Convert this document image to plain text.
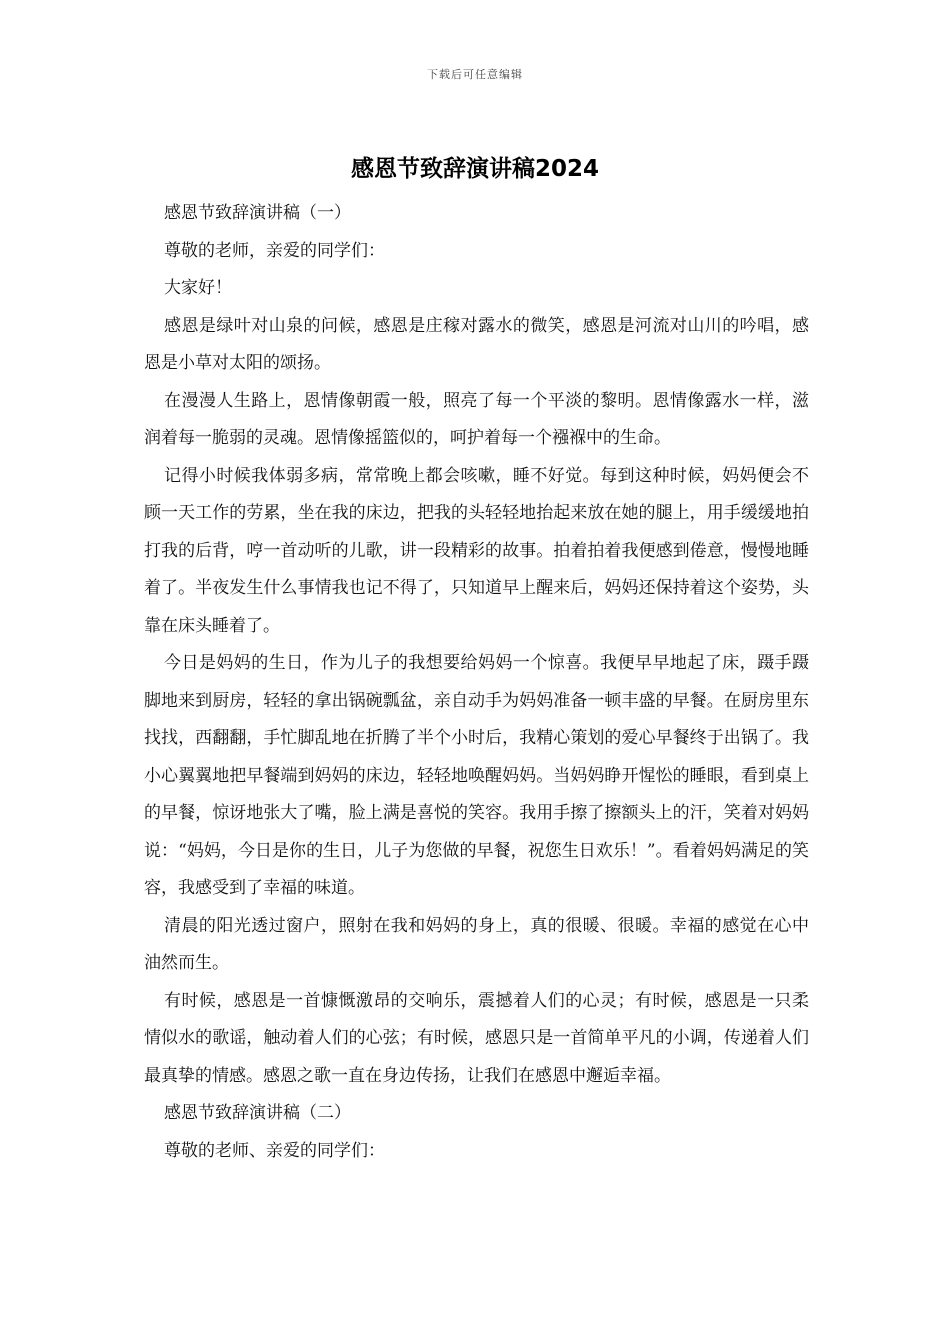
下载后可任意编辑
感恩节致辞演讲稿2024

感恩节致辞演讲稿（一）

尊敬的老师，亲爱的同学们：

大家好！

感恩是绿叶对山泉的问候，感恩是庄稼对露水的微笑，感恩是河流对山川的吟唱，感恩是小草对太阳的颂扬。

在漫漫人生路上，恩情像朝霞一般，照亮了每一个平淡的黎明。恩情像露水一样，滋润着每一脆弱的灵魂。恩情像摇篮似的，呵护着每一个襁褓中的生命。

记得小时候我体弱多病，常常晚上都会咳嗽，睡不好觉。每到这种时候，妈妈便会不顾一天工作的劳累，坐在我的床边，把我的头轻轻地抬起来放在她的腿上，用手缓缓地拍打我的后背，哼一首动听的儿歌，讲一段精彩的故事。拍着拍着我便感到倦意，慢慢地睡着了。半夜发生什么事情我也记不得了，只知道早上醒来后，妈妈还保持着这个姿势，头靠在床头睡着了。

今日是妈妈的生日，作为儿子的我想要给妈妈一个惊喜。我便早早地起了床，蹑手蹑脚地来到厨房，轻轻的拿出锅碗瓢盆，亲自动手为妈妈准备一顿丰盛的早餐。在厨房里东找找，西翻翻，手忙脚乱地在折腾了半个小时后，我精心策划的爱心早餐终于出锅了。我小心翼翼地把早餐端到妈妈的床边，轻轻地唤醒妈妈。当妈妈睁开惺忪的睡眼，看到桌上的早餐，惊讶地张大了嘴，脸上满是喜悦的笑容。我用手擦了擦额头上的汗，笑着对妈妈说：“妈妈，今日是你的生日，儿子为您做的早餐，祝您生日欢乐！”。看着妈妈满足的笑容，我感受到了幸福的味道。

清晨的阳光透过窗户，照射在我和妈妈的身上，真的很暖、很暖。幸福的感觉在心中油然而生。

有时候，感恩是一首慷慨激昂的交响乐，震撼着人们的心灵；有时候，感恩是一只柔情似水的歌谣，触动着人们的心弦；有时候，感恩只是一首简单平凡的小调，传递着人们最真挚的情感。感恩之歌一直在身边传扬，让我们在感恩中邂逅幸福。

感恩节致辞演讲稿（二）

尊敬的老师、亲爱的同学们：
